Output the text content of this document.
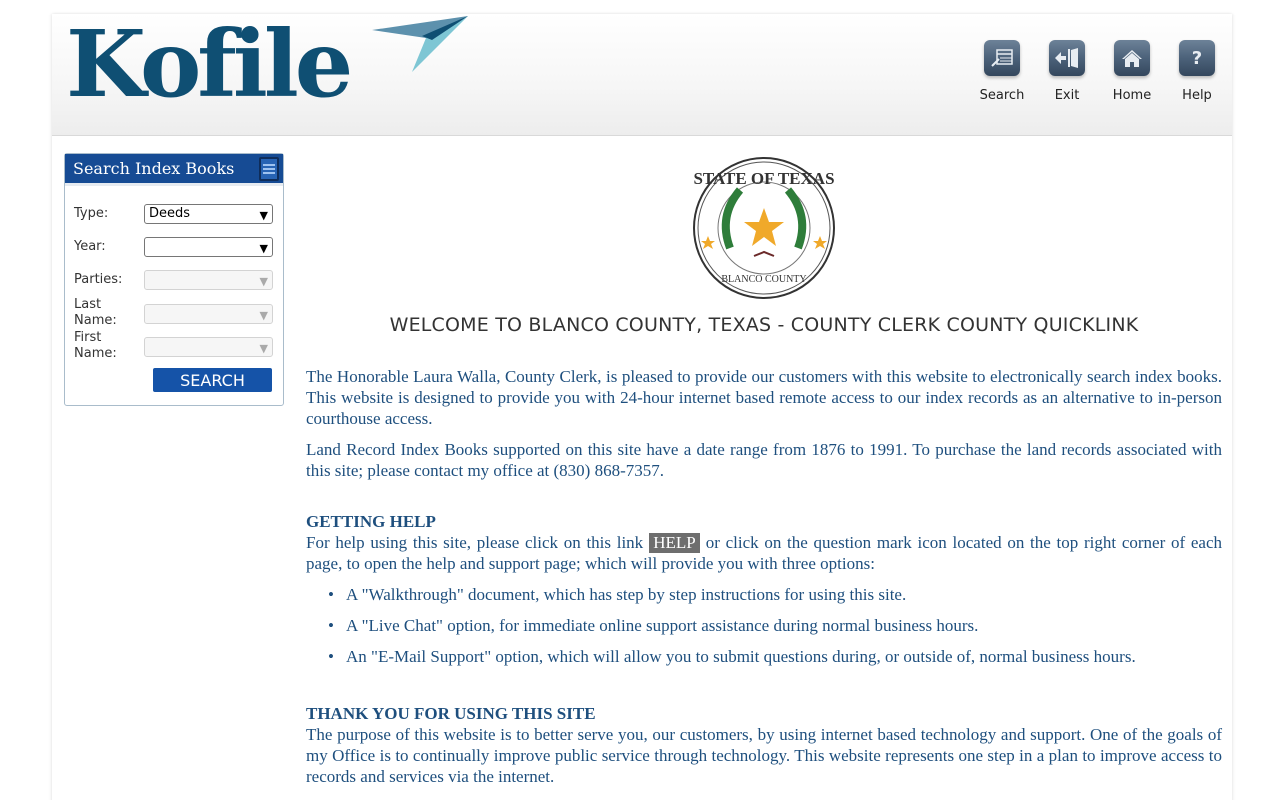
Kofile	Search Exit	Home
?
Help
Search Index Books
Type:	Deeds	▼
Year:	▼
Parties:	▼
Last Name:	▼
First Name:	▼
SEARCH
STATE OF TEXAS
BLANCO COUNTY
WELCOME TO BLANCO COUNTY, TEXAS - COUNTY CLERK COUNTY QUICKLINK

The Honorable Laura Walla, County Clerk, is pleased to provide our customers with this website to electronically search index books. This website is designed to provide you with 24-hour internet based remote access to our index records as an alternative to in-person courthouse access.

Land Record Index Books supported on this site have a date range from 1876 to 1991. To purchase the land records associated with this site; please contact my office at (830) 868-7357.

GETTING HELP
For help using this site, please click on this link HELP or click on the question mark icon located on the top right corner of each page, to open the help and support page; which will provide you with three options:
• A "Walkthrough" document, which has step by step instructions for using this site.
• A "Live Chat" option, for immediate online support assistance during normal business hours.
• An "E-Mail Support" option, which will allow you to submit questions during, or outside of, normal business hours.
THANK YOU FOR USING THIS SITE

The purpose of this website is to better serve you, our customers, by using internet based technology and support. One of the goals of my Office is to continually improve public service through technology. This website represents one step in a plan to improve access to records and services via the internet.
